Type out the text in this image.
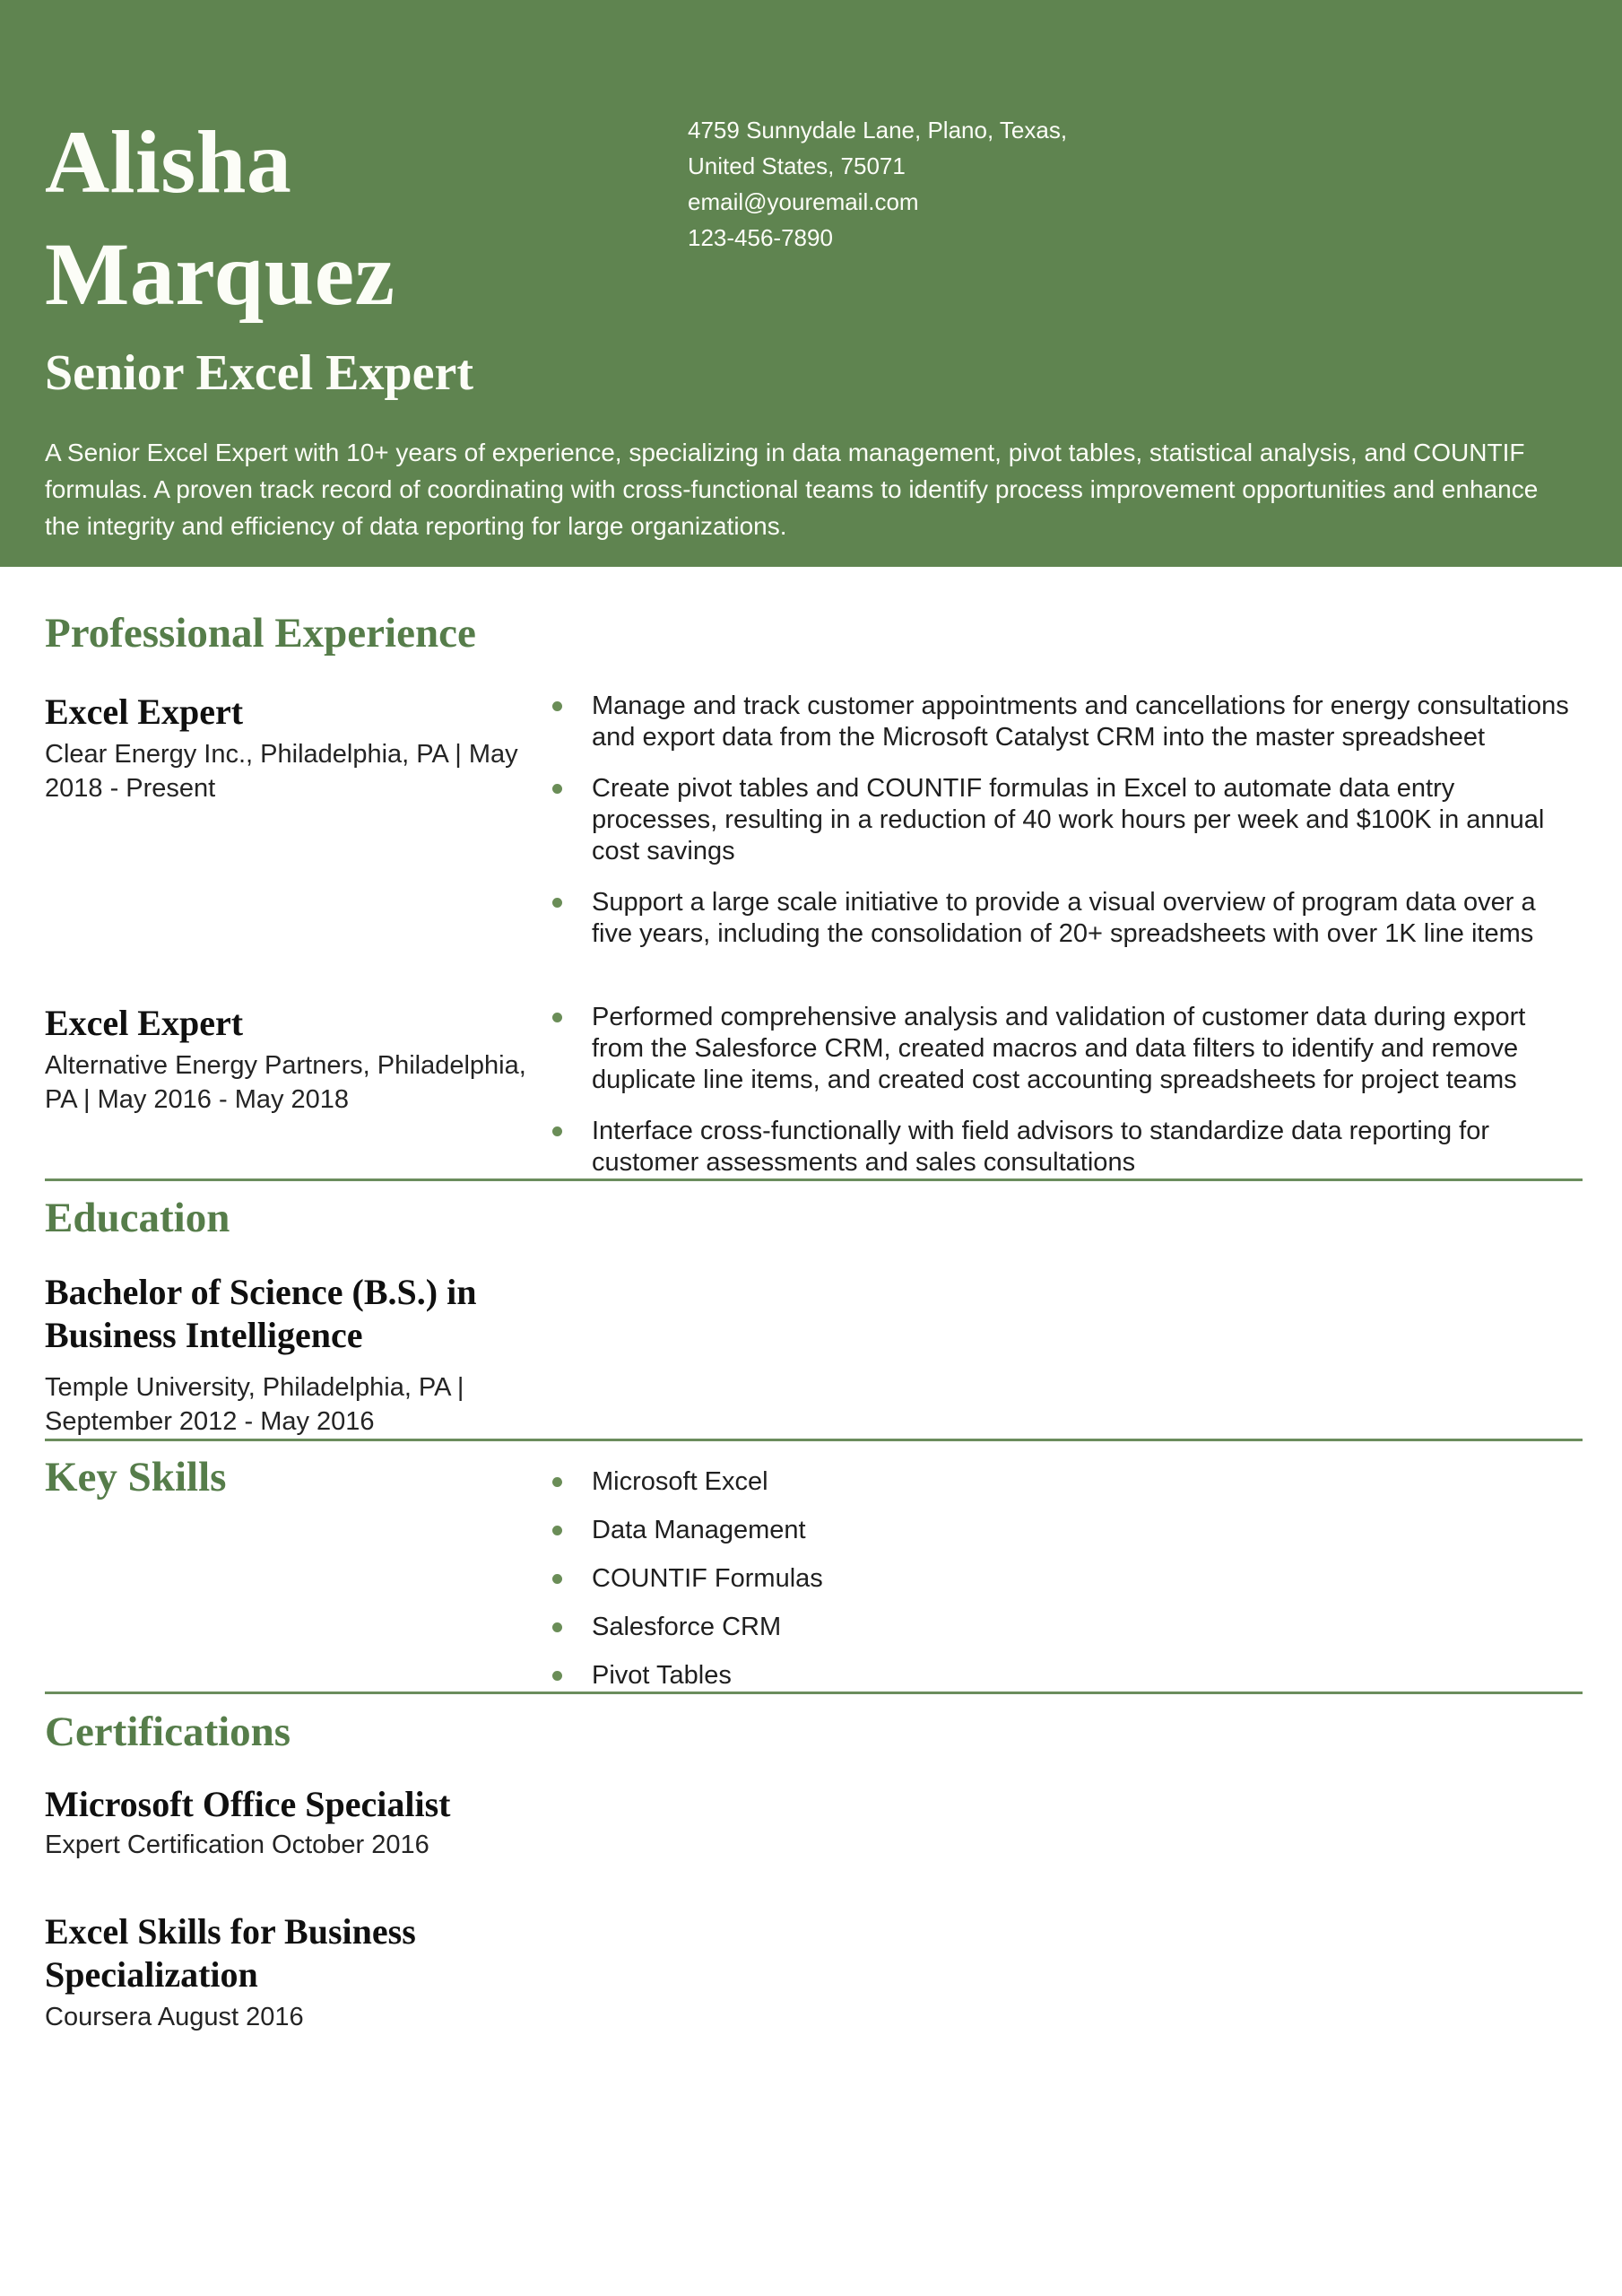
Alisha Marquez
4759 Sunnydale Lane, Plano, Texas,
United States, 75071
email@youremail.com
123-456-7890
Senior Excel Expert

A Senior Excel Expert with 10+ years of experience, specializing in data management, pivot tables, statistical analysis, and COUNTIF formulas. A proven track record of coordinating with cross-functional teams to identify process improvement opportunities and enhance the integrity and efficiency of data reporting for large organizations.

Professional Experience
Excel Expert

Clear Energy Inc., Philadelphia, PA | May 2018 - Present

Manage and track customer appointments and cancellations for energy consultations and export data from the Microsoft Catalyst CRM into the master spreadsheet
Create pivot tables and COUNTIF formulas in Excel to automate data entry processes, resulting in a reduction of 40 work hours per week and $100K in annual cost savings
Support a large scale initiative to provide a visual overview of program data over a five years, including the consolidation of 20+ spreadsheets with over 1K line items
Excel Expert

Alternative Energy Partners, Philadelphia, PA | May 2016 - May 2018

Performed comprehensive analysis and validation of customer data during export from the Salesforce CRM, created macros and data filters to identify and remove duplicate line items, and created cost accounting spreadsheets for project teams
Interface cross-functionally with field advisors to standardize data reporting for customer assessments and sales consultations
Education
Bachelor of Science (B.S.) in Business Intelligence

Temple University, Philadelphia, PA | September 2012 - May 2016

Key Skills	Microsoft Excel
Data Management
COUNTIF Formulas
Salesforce CRM
Pivot Tables
Certifications
Microsoft Office Specialist

Expert Certification October 2016

Excel Skills for Business Specialization

Coursera August 2016
